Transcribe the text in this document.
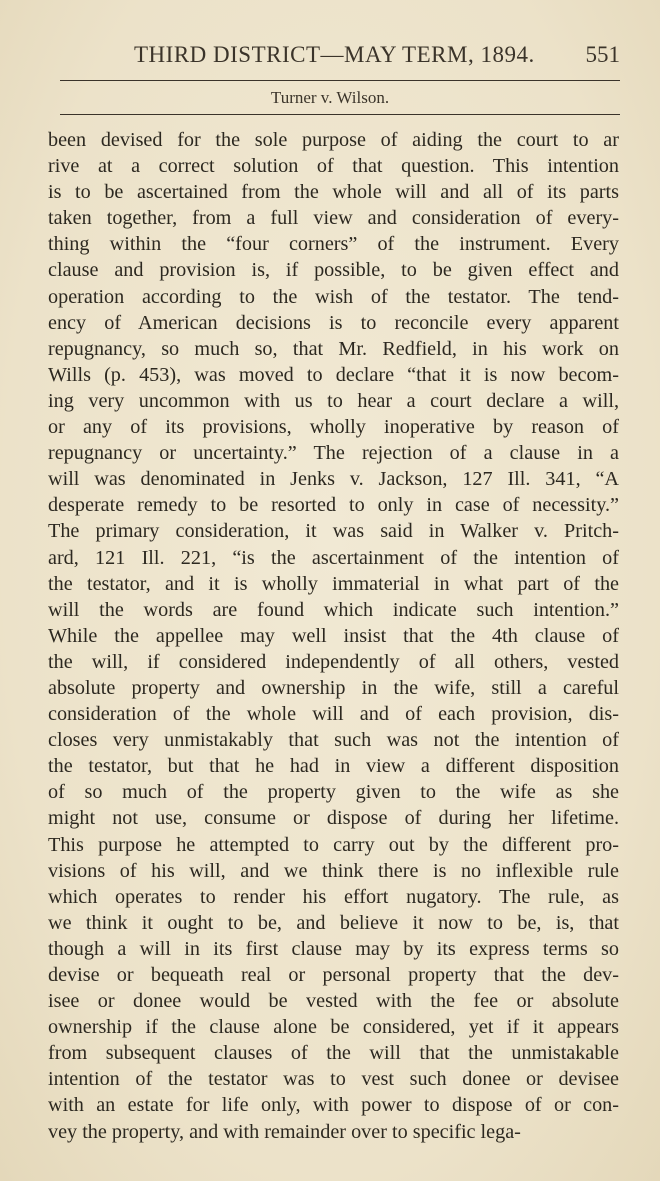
THIRD DISTRICT—MAY TERM, 1894. 551
Turner v. Wilson.
been devised for the sole purpose of aiding the court to ar
rive at a correct solution of that question. This intention
is to be ascertained from the whole will and all of its parts
taken together, from a full view and consideration of every-
thing within the “four corners” of the instrument. Every
clause and provision is, if possible, to be given effect and
operation according to the wish of the testator. The tend-
ency of American decisions is to reconcile every apparent
repugnancy, so much so, that Mr. Redfield, in his work on
Wills (p. 453), was moved to declare “that it is now becom-
ing very uncommon with us to hear a court declare a will,
or any of its provisions, wholly inoperative by reason of
repugnancy or uncertainty.” The rejection of a clause in a
will was denominated in Jenks v. Jackson, 127 Ill. 341, “A
desperate remedy to be resorted to only in case of necessity.”
The primary consideration, it was said in Walker v. Pritch-
ard, 121 Ill. 221, “is the ascertainment of the intention of
the testator, and it is wholly immaterial in what part of the
will the words are found which indicate such intention.”
While the appellee may well insist that the 4th clause of
the will, if considered independently of all others, vested
absolute property and ownership in the wife, still a careful
consideration of the whole will and of each provision, dis-
closes very unmistakably that such was not the intention of
the testator, but that he had in view a different disposition
of so much of the property given to the wife as she
might not use, consume or dispose of during her lifetime.
This purpose he attempted to carry out by the different pro-
visions of his will, and we think there is no inflexible rule
which operates to render his effort nugatory. The rule, as
we think it ought to be, and believe it now to be, is, that
though a will in its first clause may by its express terms so
devise or bequeath real or personal property that the dev-
isee or donee would be vested with the fee or absolute
ownership if the clause alone be considered, yet if it appears
from subsequent clauses of the will that the unmistakable
intention of the testator was to vest such donee or devisee
with an estate for life only, with power to dispose of or con-
vey the property, and with remainder over to specific lega-
